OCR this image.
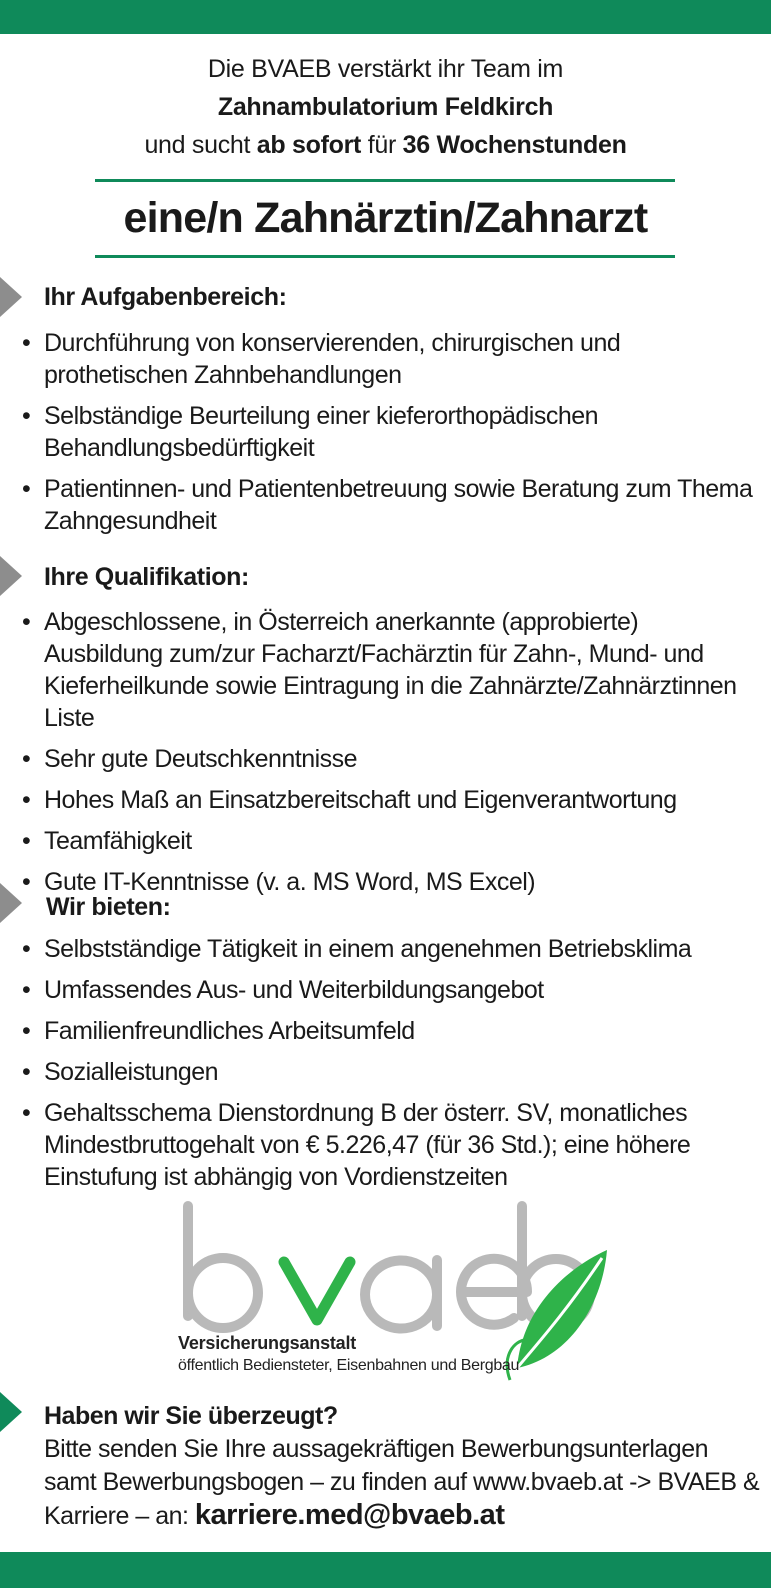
Die BVAEB verstärkt ihr Team im
Zahnambulatorium Feldkirch
und sucht ab sofort für 36 Wochenstunden
eine/n Zahnärztin/Zahnarzt
Ihr Aufgabenbereich:
• Durchführung von konservierenden, chirurgischen und prothetischen Zahnbehandlungen
• Selbständige Beurteilung einer kieferorthopädischen Behandlungsbedürftigkeit
• Patientinnen- und Patientenbetreuung sowie Beratung zum Thema Zahngesundheit
Ihre Qualifikation:
• Abgeschlossene, in Österreich anerkannte (approbierte) Ausbildung zum/zur Facharzt/Fachärztin für Zahn-, Mund- und Kieferheilkunde sowie Eintragung in die Zahnärzte/Zahnärztinnen Liste
• Sehr gute Deutschkenntnisse
• Hohes Maß an Einsatzbereitschaft und Eigenverantwortung
• Teamfähigkeit
• Gute IT-Kenntnisse (v. a. MS Word, MS Excel)
Wir bieten:
• Selbstständige Tätigkeit in einem angenehmen Betriebsklima
• Umfassendes Aus- und Weiterbildungsangebot
• Familienfreundliches Arbeitsumfeld
• Sozialleistungen
• Gehaltsschema Dienstordnung B der österr. SV, monatliches Mindestbruttogehalt von € 5.226,47 (für 36 Std.); eine höhere Einstufung ist abhängig von Vordienstzeiten
Versicherungsanstalt
öffentlich Bediensteter, Eisenbahnen und Bergbau
Haben wir Sie überzeugt?
Bitte senden Sie Ihre aussagekräftigen Bewerbungsunterlagen samt Bewerbungsbogen – zu finden auf www.bvaeb.at -> BVAEB & Karriere – an: karriere.med@bvaeb.at
